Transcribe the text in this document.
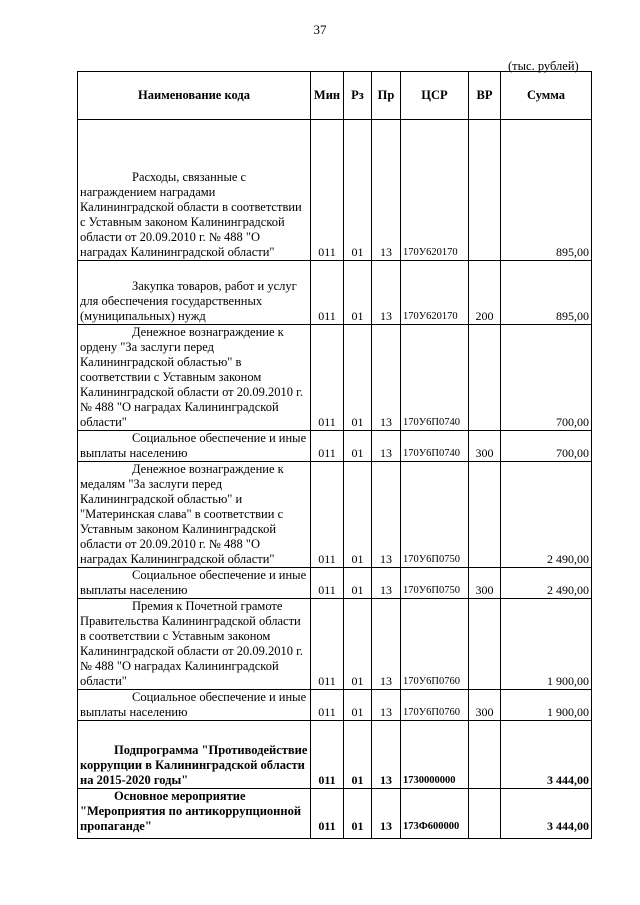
37
(тыс. рублей)
Наименование кода	Мин	Рз	Пр	ЦСР	ВР	Сумма

Расходы, связанные с награждением наградами Калининградской области в соответствии с Уставным законом Калининградской области от 20.09.2010 г. № 488 "О наградах Калининградской области"	011	01	13	170У620170		895,00

Закупка товаров, работ и услуг для обеспечения государственных (муниципальных) нужд	011	01	13	170У620170	200	895,00

Денежное вознаграждение к ордену "За заслуги перед Калининградской областью" в соответствии с Уставным законом Калининградской области от 20.09.2010 г. № 488 "О наградах Калининградской области"	011	01	13	170У6П0740		700,00

Социальное обеспечение и иные выплаты населению	011	01	13	170У6П0740	300	700,00

Денежное вознаграждение к медалям "За заслуги перед Калининградской областью" и "Материнская слава" в соответствии с Уставным законом Калининградской области от 20.09.2010 г. № 488 "О наградах Калининградской области"	011	01	13	170У6П0750		2 490,00

Социальное обеспечение и иные выплаты населению	011	01	13	170У6П0750	300	2 490,00

Премия к Почетной грамоте Правительства Калининградской области в соответствии с Уставным законом Калининградской области от 20.09.2010 г. № 488 "О наградах Калининградской области"	011	01	13	170У6П0760		1 900,00

Социальное обеспечение и иные выплаты населению	011	01	13	170У6П0760	300	1 900,00

Подпрограмма "Противодействие коррупции в Калининградской области на 2015-2020 годы"	011	01	13	1730000000		3 444,00

Основное мероприятие "Мероприятия по антикоррупционной пропаганде"	011	01	13	173Ф600000		3 444,00
